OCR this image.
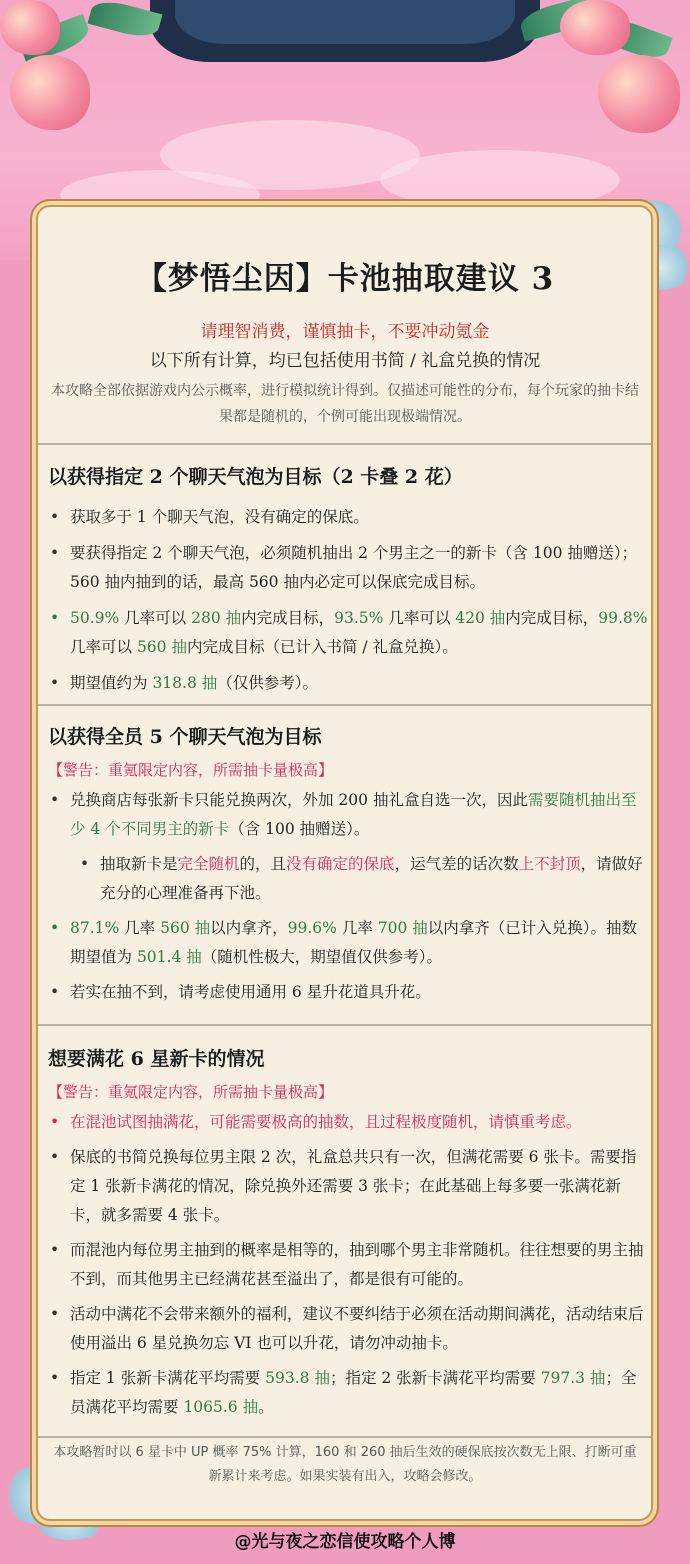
【梦悟尘因】卡池抽取建议 3
请理智消费，谨慎抽卡，不要冲动氪金
以下所有计算，均已包括使用书简 / 礼盒兑换的情况
本攻略全部依据游戏内公示概率，进行模拟统计得到。仅描述可能性的分布，每个玩家的抽卡结果都是随机的，个例可能出现极端情况。
以获得指定 2 个聊天气泡为目标（2 卡叠 2 花）
• 获取多于 1 个聊天气泡，没有确定的保底。
• 要获得指定 2 个聊天气泡，必须随机抽出 2 个男主之一的新卡（含 100 抽赠送）；560 抽内抽到的话，最高 560 抽内必定可以保底完成目标。
• 50.9% 几率可以 280 抽内完成目标，93.5% 几率可以 420 抽内完成目标，99.8% 几率可以 560 抽内完成目标（已计入书简 / 礼盒兑换）。
• 期望值约为 318.8 抽（仅供参考）。
以获得全员 5 个聊天气泡为目标
【警告：重氪限定内容，所需抽卡量极高】
• 兑换商店每张新卡只能兑换两次，外加 200 抽礼盒自选一次，因此需要随机抽出至少 4 个不同男主的新卡（含 100 抽赠送）。
• 抽取新卡是完全随机的，且没有确定的保底，运气差的话次数上不封顶，请做好充分的心理准备再下池。
• 87.1% 几率 560 抽以内拿齐，99.6% 几率 700 抽以内拿齐（已计入兑换）。抽数期望值为 501.4 抽（随机性极大，期望值仅供参考）。
• 若实在抽不到，请考虑使用通用 6 星升花道具升花。
想要满花 6 星新卡的情况
【警告：重氪限定内容，所需抽卡量极高】
• 在混池试图抽满花，可能需要极高的抽数，且过程极度随机，请慎重考虑。
• 保底的书简兑换每位男主限 2 次，礼盒总共只有一次，但满花需要 6 张卡。需要指定 1 张新卡满花的情况，除兑换外还需要 3 张卡；在此基础上每多要一张满花新卡，就多需要 4 张卡。
• 而混池内每位男主抽到的概率是相等的，抽到哪个男主非常随机。往往想要的男主抽不到，而其他男主已经满花甚至溢出了，都是很有可能的。
• 活动中满花不会带来额外的福利，建议不要纠结于必须在活动期间满花，活动结束后使用溢出 6 星兑换勿忘 VI 也可以升花，请勿冲动抽卡。
• 指定 1 张新卡满花平均需要 593.8 抽；指定 2 张新卡满花平均需要 797.3 抽；全员满花平均需要 1065.6 抽。
本攻略暂时以 6 星卡中 UP 概率 75% 计算，160 和 260 抽后生效的硬保底按次数无上限、打断可重新累计来考虑。如果实装有出入，攻略会修改。
@光与夜之恋信使攻略个人博
